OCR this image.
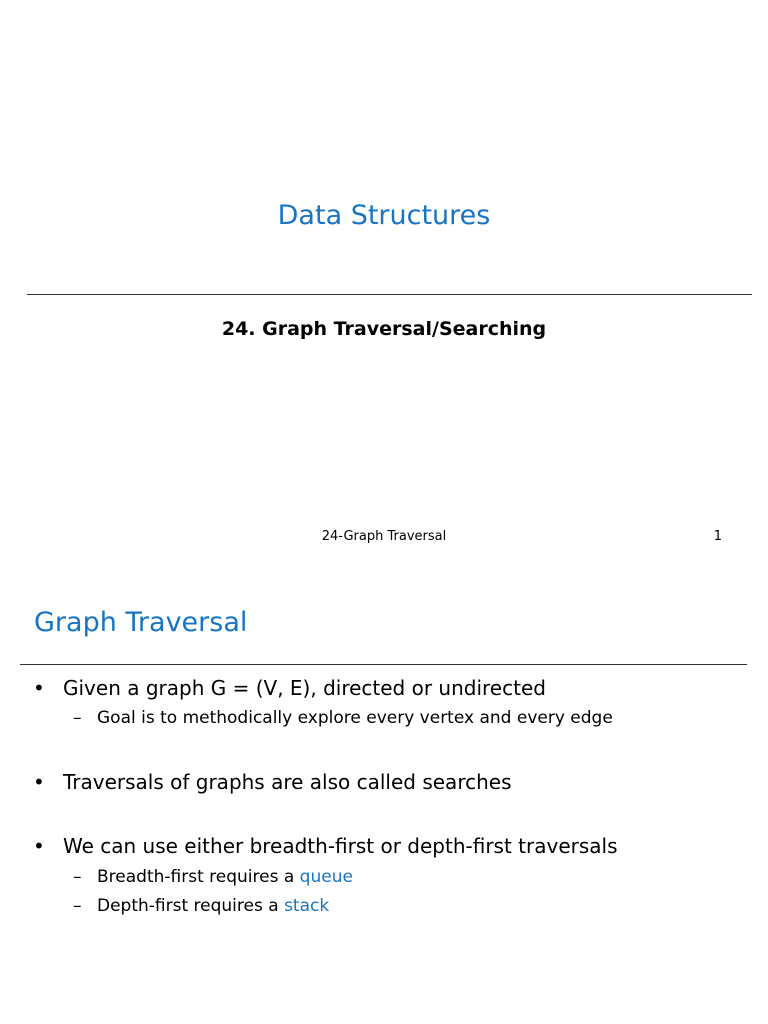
Data Structures
24. Graph Traversal/Searching
24-Graph Traversal	1
Graph Traversal
• Given a graph G = (V, E), directed or undirected
– Goal is to methodically explore every vertex and every edge
• Traversals of graphs are also called searches
• We can use either breadth-first or depth-first traversals
– Breadth-first requires a queue
– Depth-first requires a stack
